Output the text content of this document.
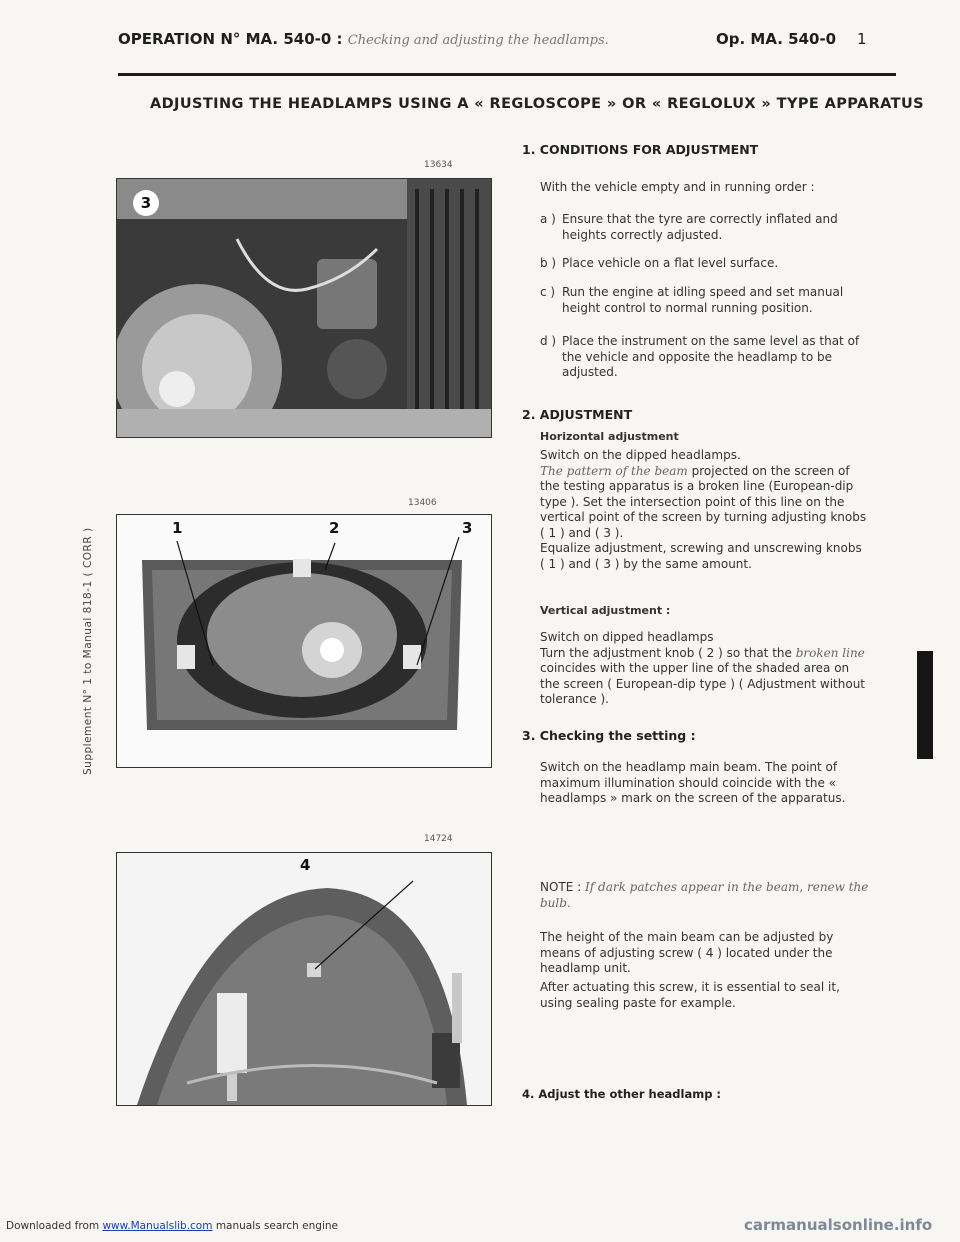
OPERATION N° MA. 540-0 : Checking and adjusting the headlamps.	Op. MA. 540-0 1
ADJUSTING THE HEADLAMPS USING A « REGLOSCOPE » OR « REGLOLUX » TYPE APPARATUS
Supplement N° 1 to Manual 818-1 ( CORR )
13634
3
13406
1	2	3
14724
4
1. CONDITIONS FOR ADJUSTMENT
With the vehicle empty and in running order :
a ) Ensure that the tyre are correctly inflated and heights correctly adjusted.
b ) Place vehicle on a flat level surface.
c ) Run the engine at idling speed and set manual height control to normal running position.
d ) Place the instrument on the same level as that of the vehicle and opposite the headlamp to be adjusted.
2. ADJUSTMENT
Horizontal adjustment
Switch on the dipped headlamps.
The pattern of the beam projected on the screen of the testing apparatus is a broken line (European-dip type ). Set the intersection point of this line on the vertical point of the screen by turning adjusting knobs ( 1 ) and ( 3 ).
Equalize adjustment, screwing and unscrewing knobs ( 1 ) and ( 3 ) by the same amount.
Vertical adjustment :
Switch on dipped headlamps
Turn the adjustment knob ( 2 ) so that the broken line coincides with the upper line of the shaded area on the screen ( European-dip type ) ( Adjustment without tolerance ).
3. Checking the setting :
Switch on the headlamp main beam. The point of maximum illumination should coincide with the « headlamps » mark on the screen of the apparatus.
NOTE : If dark patches appear in the beam, renew the bulb.
The height of the main beam can be adjusted by means of adjusting screw ( 4 ) located under the headlamp unit.
After actuating this screw, it is essential to seal it, using sealing paste for example.
4. Adjust the other headlamp :
Downloaded from www.Manualslib.com manuals search engine	carmanualsonline.info
